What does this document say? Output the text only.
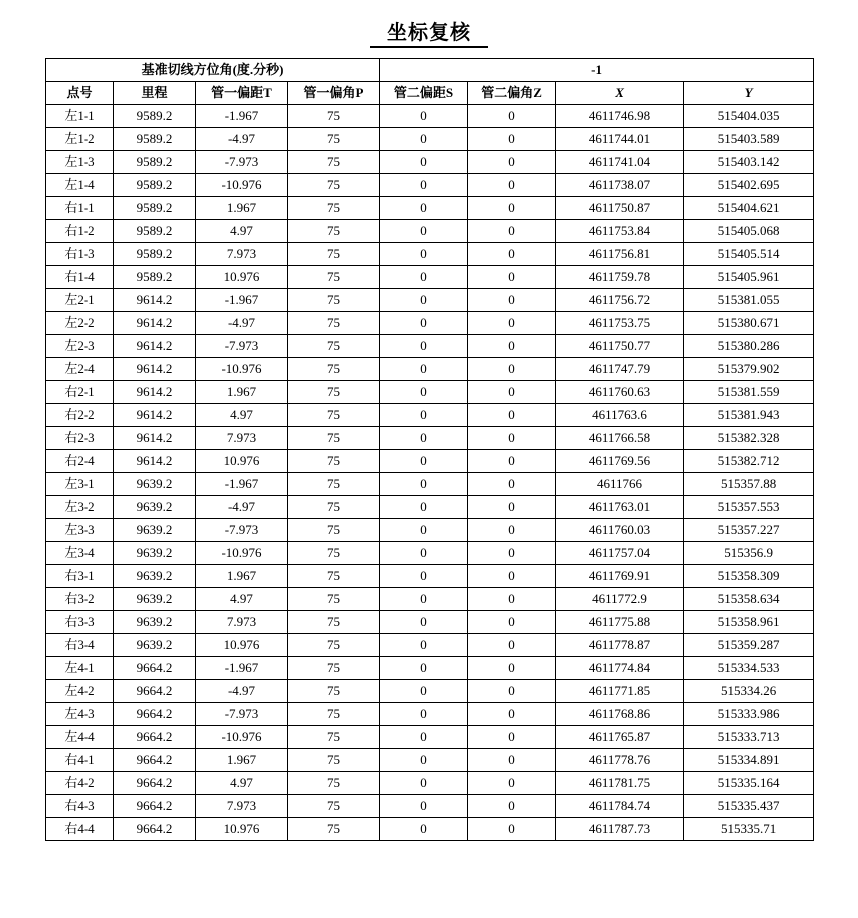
坐标复核
基准切线方位角(度.分秒)				-1			
点号	里程	管一偏距T	管一偏角P	管二偏距S	管二偏角Z	X	Y
左1-1	9589.2	-1.967	75	0	0	4611746.98	515404.035
左1-2	9589.2	-4.97	75	0	0	4611744.01	515403.589
左1-3	9589.2	-7.973	75	0	0	4611741.04	515403.142
左1-4	9589.2	-10.976	75	0	0	4611738.07	515402.695
右1-1	9589.2	1.967	75	0	0	4611750.87	515404.621
右1-2	9589.2	4.97	75	0	0	4611753.84	515405.068
右1-3	9589.2	7.973	75	0	0	4611756.81	515405.514
右1-4	9589.2	10.976	75	0	0	4611759.78	515405.961
左2-1	9614.2	-1.967	75	0	0	4611756.72	515381.055
左2-2	9614.2	-4.97	75	0	0	4611753.75	515380.671
左2-3	9614.2	-7.973	75	0	0	4611750.77	515380.286
左2-4	9614.2	-10.976	75	0	0	4611747.79	515379.902
右2-1	9614.2	1.967	75	0	0	4611760.63	515381.559
右2-2	9614.2	4.97	75	0	0	4611763.6	515381.943
右2-3	9614.2	7.973	75	0	0	4611766.58	515382.328
右2-4	9614.2	10.976	75	0	0	4611769.56	515382.712
左3-1	9639.2	-1.967	75	0	0	4611766	515357.88
左3-2	9639.2	-4.97	75	0	0	4611763.01	515357.553
左3-3	9639.2	-7.973	75	0	0	4611760.03	515357.227
左3-4	9639.2	-10.976	75	0	0	4611757.04	515356.9
右3-1	9639.2	1.967	75	0	0	4611769.91	515358.309
右3-2	9639.2	4.97	75	0	0	4611772.9	515358.634
右3-3	9639.2	7.973	75	0	0	4611775.88	515358.961
右3-4	9639.2	10.976	75	0	0	4611778.87	515359.287
左4-1	9664.2	-1.967	75	0	0	4611774.84	515334.533
左4-2	9664.2	-4.97	75	0	0	4611771.85	515334.26
左4-3	9664.2	-7.973	75	0	0	4611768.86	515333.986
左4-4	9664.2	-10.976	75	0	0	4611765.87	515333.713
右4-1	9664.2	1.967	75	0	0	4611778.76	515334.891
右4-2	9664.2	4.97	75	0	0	4611781.75	515335.164
右4-3	9664.2	7.973	75	0	0	4611784.74	515335.437
右4-4	9664.2	10.976	75	0	0	4611787.73	515335.71
